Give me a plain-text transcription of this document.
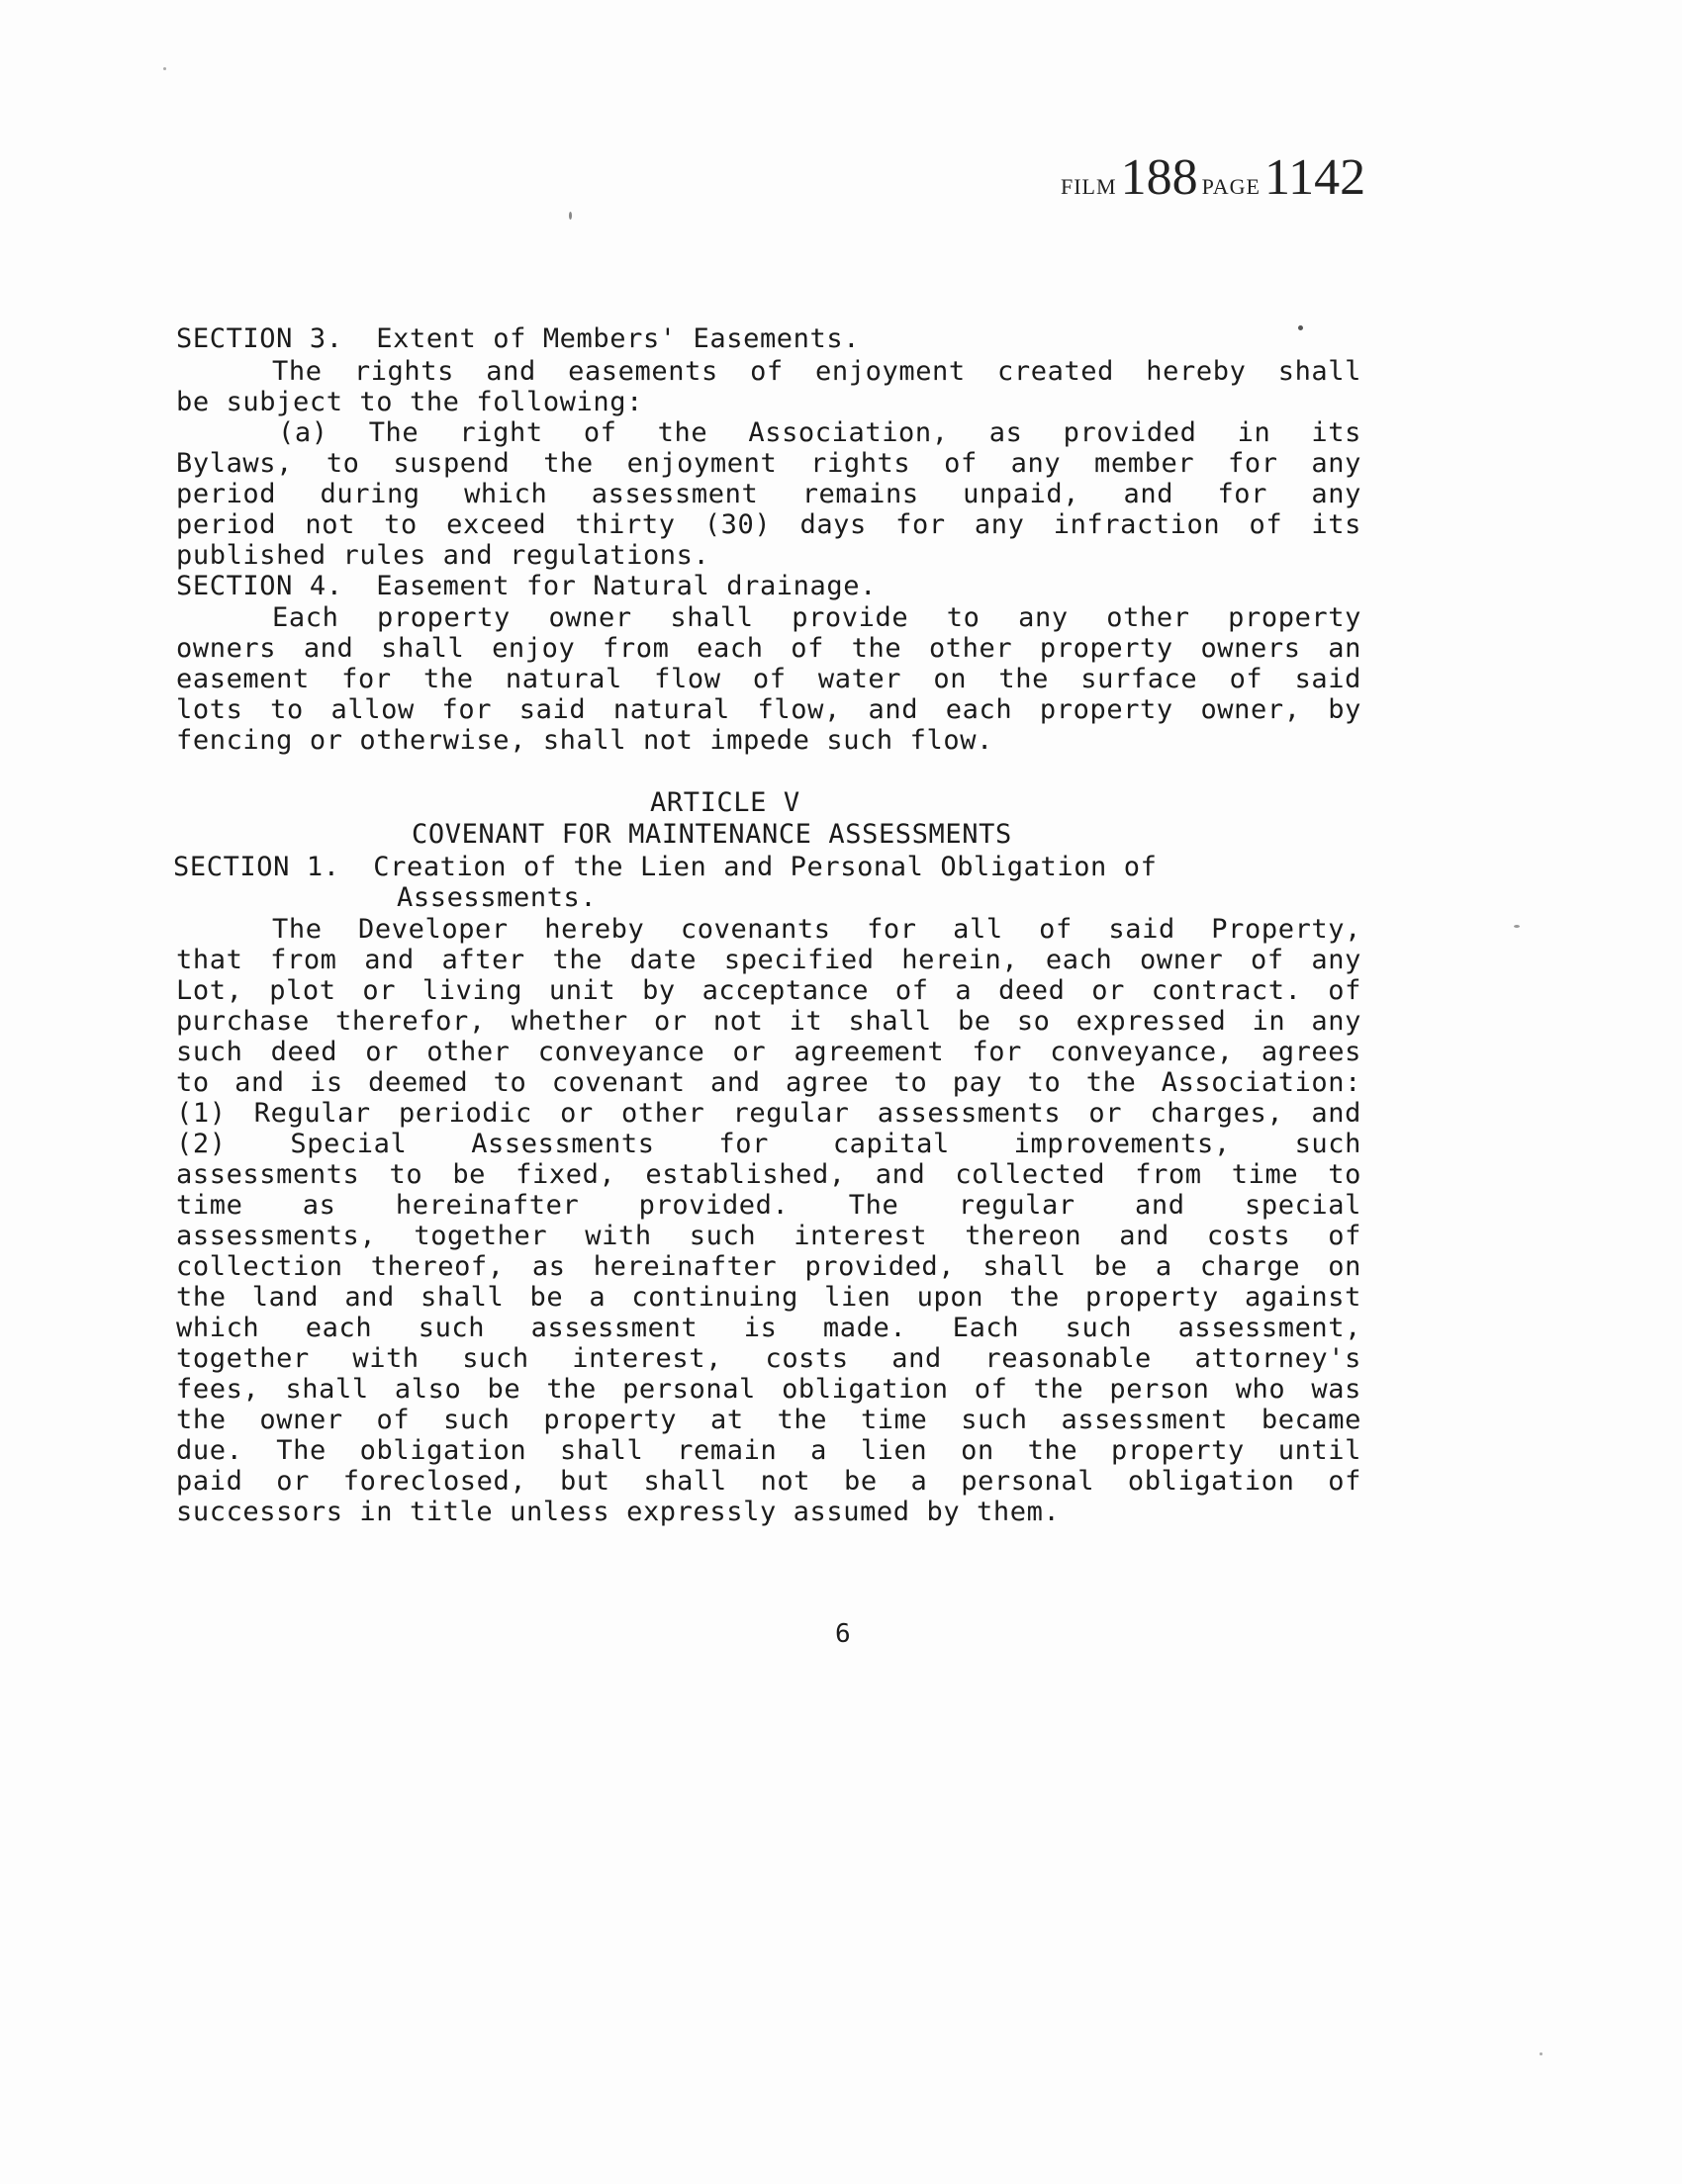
FILM 188 PAGE 1142
SECTION 3.  Extent of Members' Easements.
The rights and easements of enjoyment created hereby shall
be subject to the following:
(a) The right of the Association, as provided in its
Bylaws, to suspend the enjoyment rights of any member for any
period during which assessment remains unpaid, and for any
period not to exceed thirty (30) days for any infraction of its
published rules and regulations.
SECTION 4.  Easement for Natural drainage.
Each property owner shall provide to any other property
owners and shall enjoy from each of the other property owners an
easement for the natural flow of water on the surface of said
lots to allow for said natural flow, and each property owner, by
fencing or otherwise, shall not impede such flow.
ARTICLE V
COVENANT FOR MAINTENANCE ASSESSMENTS
SECTION 1.  Creation of the Lien and Personal Obligation of
Assessments.
The Developer hereby covenants for all of said Property,
that from and after the date specified herein, each owner of any
Lot, plot or living unit by acceptance of a deed or contract. of
purchase therefor, whether or not it shall be so expressed in any
such deed or other conveyance or agreement for conveyance, agrees
to and is deemed to covenant and agree to pay to the Association:
(1) Regular periodic or other regular assessments or charges, and
(2) Special Assessments for capital improvements, such
assessments to be fixed, established, and collected from time to
time as hereinafter provided. The regular and special
assessments, together with such interest thereon and costs of
collection thereof, as hereinafter provided, shall be a charge on
the land and shall be a continuing lien upon the property against
which each such assessment is made. Each such assessment,
together with such interest, costs and reasonable attorney's
fees, shall also be the personal obligation of the person who was
the owner of such property at the time such assessment became
due. The obligation shall remain a lien on the property until
paid or foreclosed, but shall not be a personal obligation of
successors in title unless expressly assumed by them.
6
